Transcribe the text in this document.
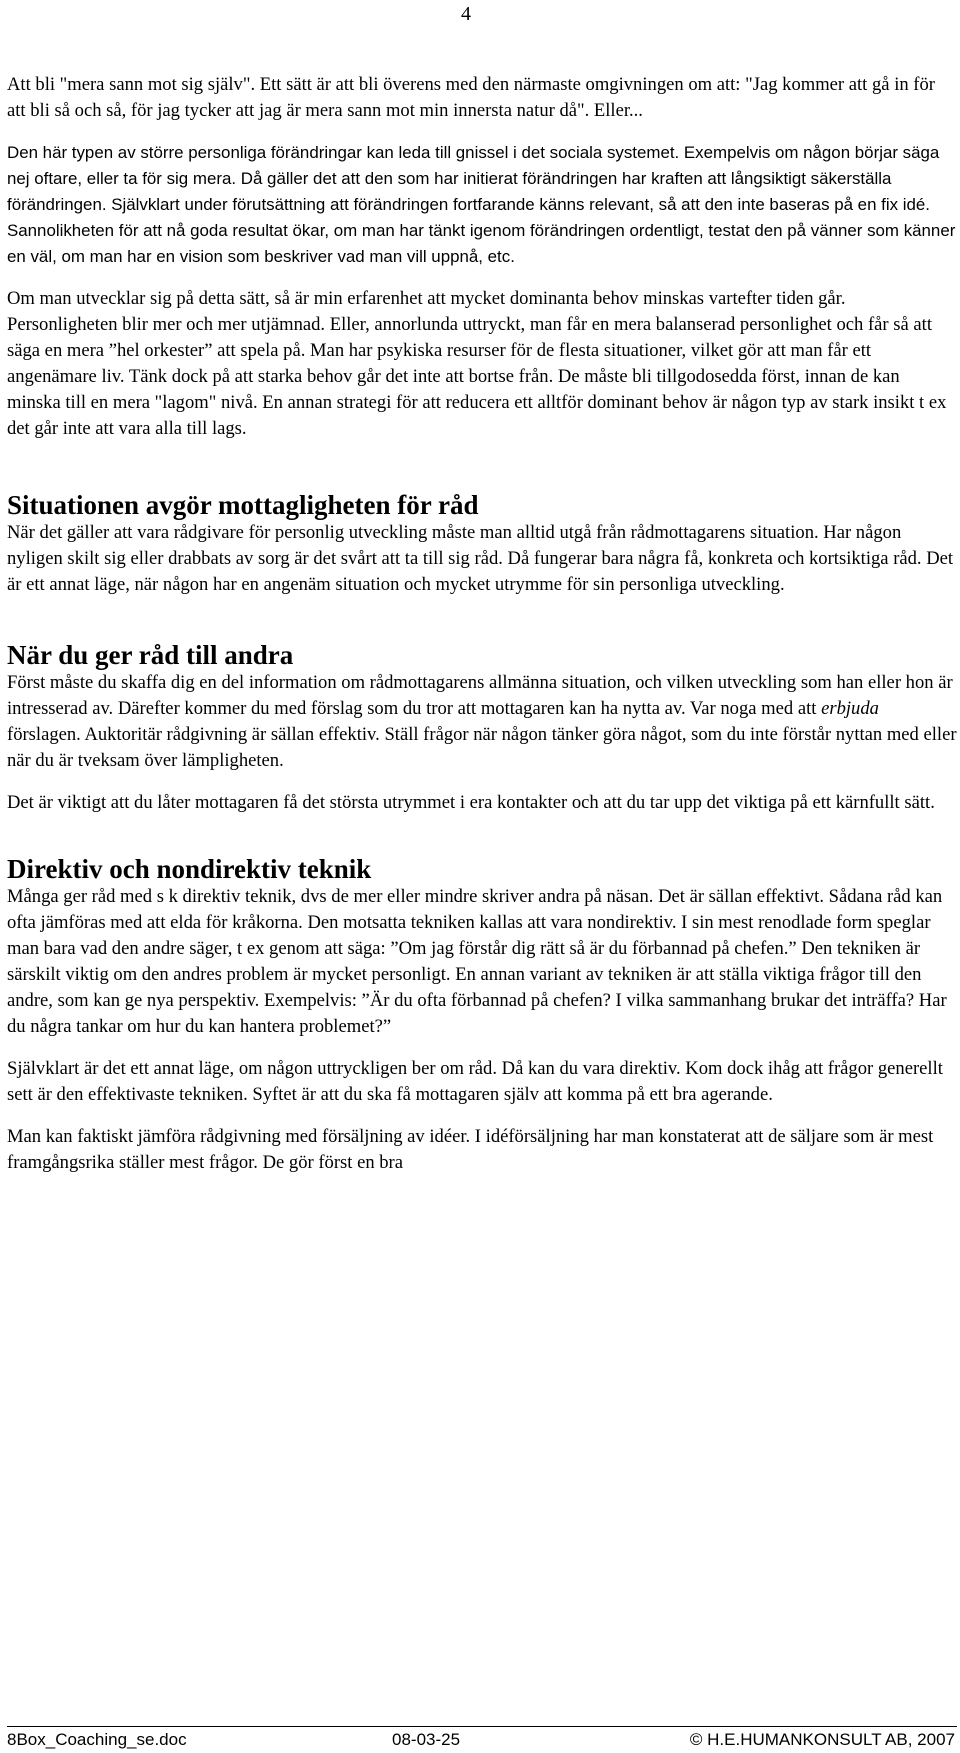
4

Att bli "mera sann mot sig själv". Ett sätt är att bli överens med den närmaste omgivningen om att: "Jag kommer att gå in för att bli så och så, för jag tycker att jag är mera sann mot min innersta natur då". Eller...

Den här typen av större personliga förändringar kan leda till gnissel i det sociala systemet. Exempelvis om någon börjar säga nej oftare, eller ta för sig mera. Då gäller det att den som har initierat förändringen har kraften att långsiktigt säkerställa förändringen. Självklart under förutsättning att förändringen fortfarande känns relevant, så att den inte baseras på en fix idé. Sannolikheten för att nå goda resultat ökar, om man har tänkt igenom förändringen ordentligt, testat den på vänner som känner en väl, om man har en vision som beskriver vad man vill uppnå, etc.

Om man utvecklar sig på detta sätt, så är min erfarenhet att mycket dominanta behov minskas vartefter tiden går. Personligheten blir mer och mer utjämnad. Eller, annorlunda uttryckt, man får en mera balanserad personlighet och får så att säga en mera ”hel orkester” att spela på. Man har psykiska resurser för de flesta situationer, vilket gör att man får ett angenämare liv. Tänk dock på att starka behov går det inte att bortse från. De måste bli tillgodosedda först, innan de kan minska till en mera "lagom" nivå. En annan strategi för att reducera ett alltför dominant behov är någon typ av stark insikt t ex det går inte att vara alla till lags.

Situationen avgör mottagligheten för råd

När det gäller att vara rådgivare för personlig utveckling måste man alltid utgå från rådmottagarens situation. Har någon nyligen skilt sig eller drabbats av sorg är det svårt att ta till sig råd. Då fungerar bara några få, konkreta och kortsiktiga råd. Det är ett annat läge, när någon har en angenäm situation och mycket utrymme för sin personliga utveckling.

När du ger råd till andra

Först måste du skaffa dig en del information om rådmottagarens allmänna situation, och vilken utveckling som han eller hon är intresserad av. Därefter kommer du med förslag som du tror att mottagaren kan ha nytta av. Var noga med att erbjuda förslagen. Auktoritär rådgivning är sällan effektiv. Ställ frågor när någon tänker göra något, som du inte förstår nyttan med eller när du är tveksam över lämpligheten.

Det är viktigt att du låter mottagaren få det största utrymmet i era kontakter och att du tar upp det viktiga på ett kärnfullt sätt.

Direktiv och nondirektiv teknik

Många ger råd med s k direktiv teknik, dvs de mer eller mindre skriver andra på näsan. Det är sällan effektivt. Sådana råd kan ofta jämföras med att elda för kråkorna. Den motsatta tekniken kallas att vara nondirektiv. I sin mest renodlade form speglar man bara vad den andre säger, t ex genom att säga: ”Om jag förstår dig rätt så är du förbannad på chefen.” Den tekniken är särskilt viktig om den andres problem är mycket personligt. En annan variant av tekniken är att ställa viktiga frågor till den andre, som kan ge nya perspektiv. Exempelvis: ”Är du ofta förbannad på chefen? I vilka sammanhang brukar det inträffa? Har du några tankar om hur du kan hantera problemet?”

Självklart är det ett annat läge, om någon uttryckligen ber om råd. Då kan du vara direktiv. Kom dock ihåg att frågor generellt sett är den effektivaste tekniken. Syftet är att du ska få mottagaren själv att komma på ett bra agerande.

Man kan faktiskt jämföra rådgivning med försäljning av idéer. I idéförsäljning har man konstaterat att de säljare som är mest framgångsrika ställer mest frågor. De gör först en bra

8Box_Coaching_se.doc	08-03-25	© H.E.HUMANKONSULT AB, 2007
